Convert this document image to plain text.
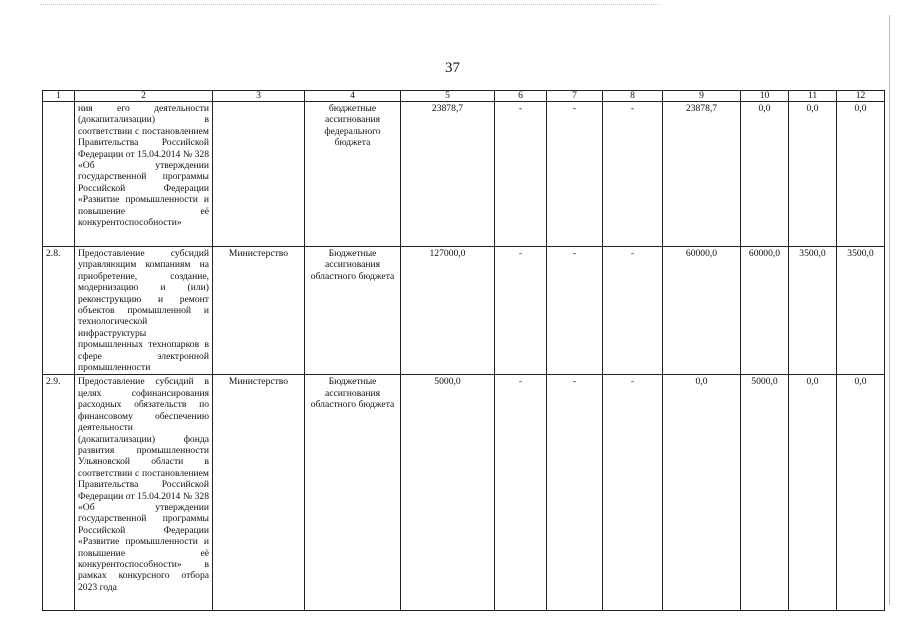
37
1	2	3	4	5	6	7	8	9	10	11	12
	ния его деятельности (докапитализации) в соответствии с постановлением Правительства Российской Федерации от 15.04.2014 № 328 «Об утверждении государственной программы Российской Федерации «Развитие промышленности и повышение её конкурентоспособности»		бюджетные ассигнования федерального бюджета	23878,7	-	-	-	23878,7	0,0	0,0	0,0
2.8.	Предоставление субсидий управляющим компаниям на приобретение, создание, модернизацию и (или) реконструкцию и ремонт объектов промышленной и технологической инфраструктуры промышленных технопарков в сфере электронной промышленности	Министерство	Бюджетные ассигнования областного бюджета	127000,0	-	-	-	60000,0	60000,0	3500,0	3500,0
2.9.	Предоставление субсидий в целях софинансирования расходных обязательств по финансовому обеспечению деятельности (докапитализации) фонда развития промышленности Ульяновской области в соответствии с постановлением Правительства Российской Федерации от 15.04.2014 № 328 «Об утверждении государственной программы Российской Федерации «Развитие промышленности и повышение её конкурентоспособности» в рамках конкурсного отбора 2023 года	Министерство	Бюджетные ассигнования областного бюджета	5000,0	-	-	-	0,0	5000,0	0,0	0,0
